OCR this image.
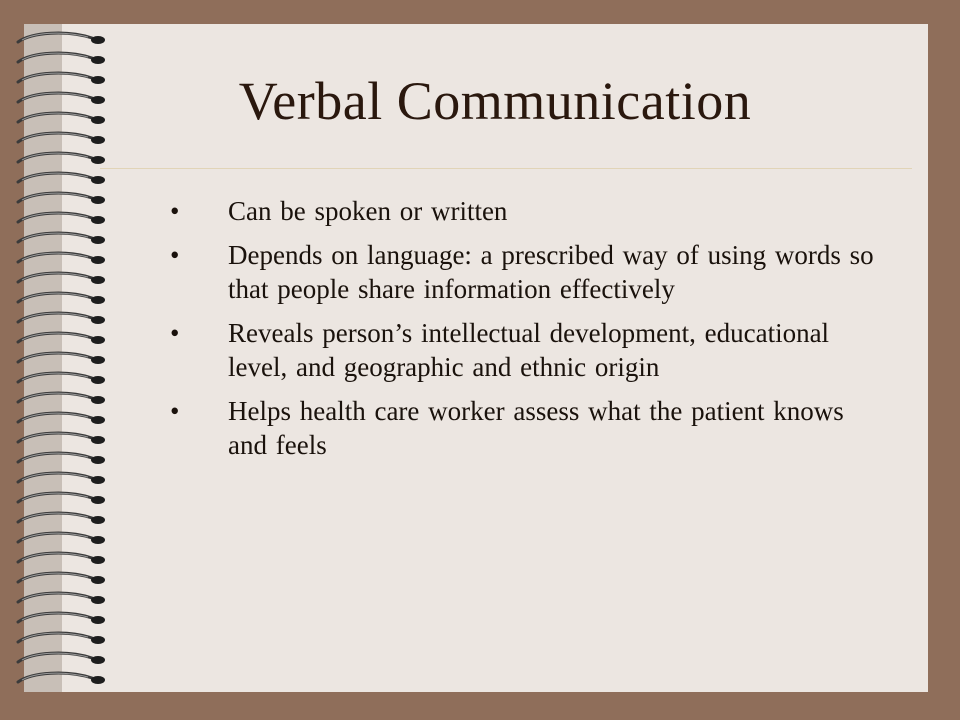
Verbal Communication
• Can be spoken or written
• Depends on language: a prescribed way of using words so that people share information effectively
• Reveals person’s intellectual development, educational level, and geographic and ethnic origin
• Helps health care worker assess what the patient knows and feels
